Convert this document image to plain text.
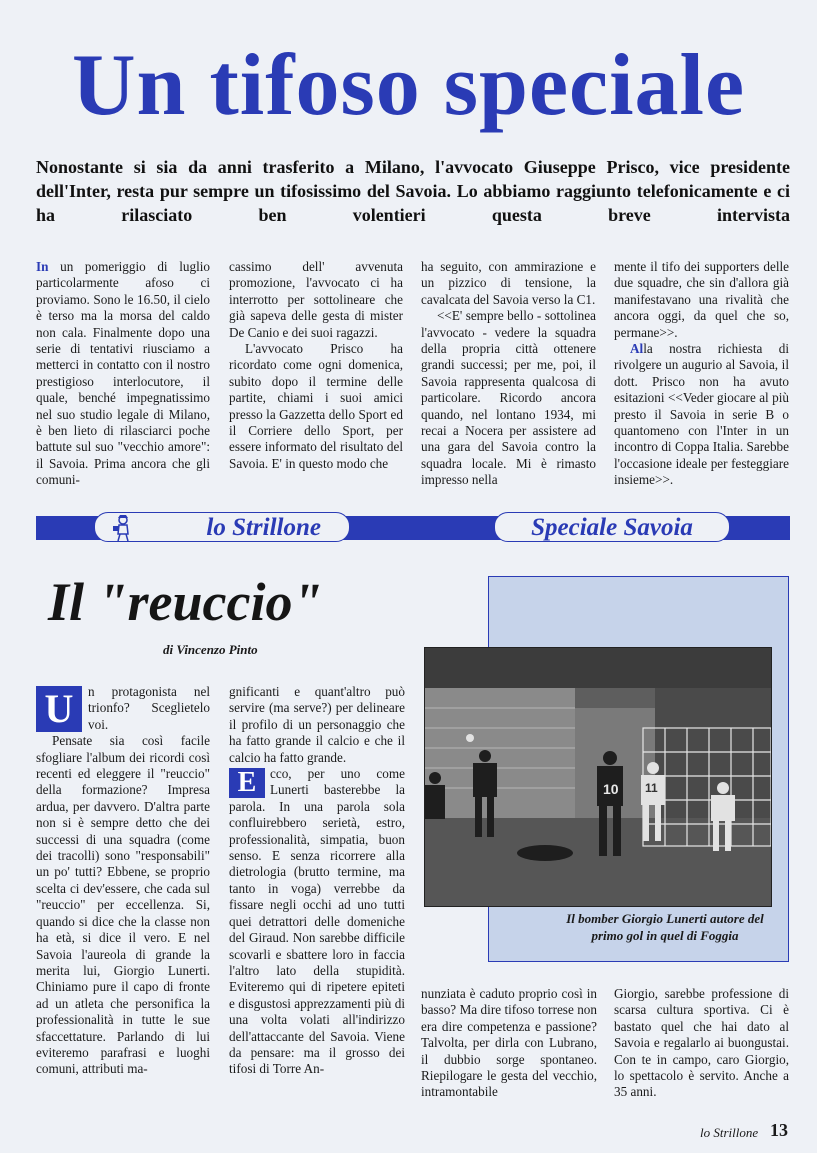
Un tifoso speciale
Nonostante si sia da anni trasferito a Milano, l'avvocato Giuseppe Prisco, vice presidente dell'Inter, resta pur sempre un tifosissimo del Savoia. Lo abbiamo raggiunto telefonicamente e ci ha rilasciato ben volentieri questa breve intervista

In un pomeriggio di luglio particolarmente afoso ci proviamo. Sono le 16.50, il cielo è terso ma la morsa del caldo non cala. Finalmente dopo una serie di tentativi riusciamo a metterci in contatto con il nostro prestigioso interlocutore, il quale, benché impegnatissimo nel suo studio legale di Milano, è ben lieto di rilasciarci poche battute sul suo "vecchio amore": il Savoia. Prima ancora che gli comuni-

cassimo dell' avvenuta promozione, l'avvocato ci ha interrotto per sottolineare che già sapeva delle gesta di mister De Canio e dei suoi ragazzi.

L'avvocato Prisco ha ricordato come ogni domenica, subito dopo il termine delle partite, chiami i suoi amici presso la Gazzetta dello Sport ed il Corriere dello Sport, per essere informato del risultato del Savoia. E' in questo modo che

ha seguito, con ammirazione e un pizzico di tensione, la cavalcata del Savoia verso la C1.

<<E' sempre bello - sottolinea l'avvocato - vedere la squadra della propria città ottenere grandi successi; per me, poi, il Savoia rappresenta qualcosa di particolare. Ricordo ancora quando, nel lontano 1934, mi recai a Nocera per assistere ad una gara del Savoia contro la squadra locale. Mi è rimasto impresso nella

mente il tifo dei supporters delle due squadre, che sin d'allora già manifestavano una rivalità che ancora oggi, da quel che so, permane>>.

Alla nostra richiesta di rivolgere un augurio al Savoia, il dott. Prisco non ha avuto esitazioni <<Veder giocare al più presto il Savoia in serie B o quantomeno con l'Inter in un incontro di Coppa Italia. Sarebbe l'occasione ideale per festeggiare insieme>>.

lo Strillone	Speciale Savoia
Il "reuccio"
di Vincenzo Pinto
10 11
Il bomber Giorgio Lunerti autore del primo gol in quel di Foggia

U	n protagonista nel trionfo? Sceglietelo voi.

Pensate sia così facile sfogliare l'album dei ricordi così recenti ed eleggere il "reuccio" della formazione? Impresa ardua, per davvero. D'altra parte non si è sempre detto che dei successi di una squadra (come dei tracolli) sono "responsabili" un po' tutti? Ebbene, se proprio scelta ci dev'essere, che cada sul "reuccio" per eccellenza. Si, quando si dice che la classe non ha età, si dice il vero. E nel Savoia l'aureola di grande la merita lui, Giorgio Lunerti. Chiniamo pure il capo di fronte ad un atleta che personifica la professionalità in tutte le sue sfaccettature. Parlando di lui eviteremo parafrasi e luoghi comuni, attributi ma-

gnificanti e quant'altro può servire (ma serve?) per delineare il profilo di un personaggio che ha fatto grande il calcio e che il calcio ha fatto grande.

E	cco, per uno come Lunerti basterebbe la parola. In una parola sola confluirebbero serietà, estro, professionalità, simpatia, buon senso. E senza ricorrere alla dietrologia (brutto termine, ma tanto in voga) verrebbe da fissare negli occhi ad uno tutti quei detrattori delle domeniche del Giraud. Non sarebbe difficile scovarli e sbattere loro in faccia l'altro lato della stupidità. Eviteremo qui di ripetere epiteti e disgustosi apprezzamenti più di una volta volati all'indirizzo dell'attaccante del Savoia. Viene da pensare: ma il grosso dei tifosi di Torre An-

nunziata è caduto proprio così in basso? Ma dire tifoso torrese non era dire competenza e passione? Talvolta, per dirla con Lubrano, il dubbio sorge spontaneo. Riepilogare le gesta del vecchio, intramontabile

Giorgio, sarebbe professione di scarsa cultura sportiva. Ci è bastato quel che hai dato al Savoia e regalarlo ai buongustai. Con te in campo, caro Giorgio, lo spettacolo è servito. Anche a 35 anni.

lo Strillone 13
